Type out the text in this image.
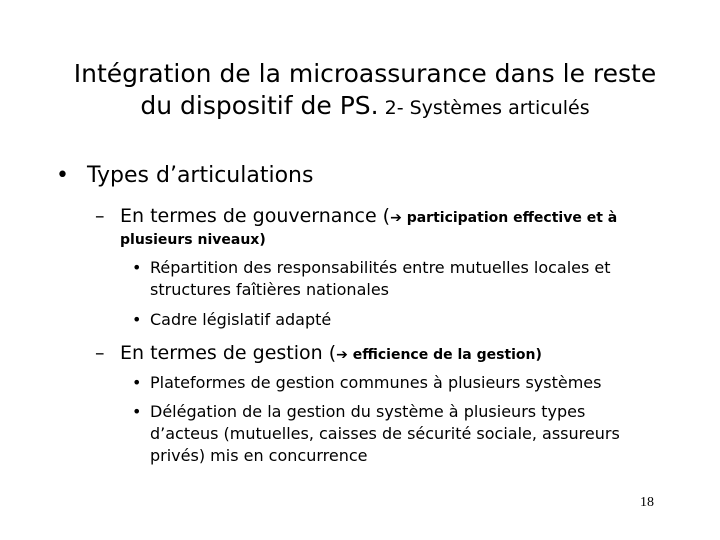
Intégration de la microassurance dans le reste
du dispositif de PS. 2- Systèmes articulés
• Types d’articulations
– En termes de gouvernance (➔ participation effective et à
plusieurs niveaux)
• Répartition des responsabilités entre mutuelles locales et
structures faîtières nationales
• Cadre législatif adapté
– En termes de gestion (➔ efficience de la gestion)
• Plateformes de gestion communes à plusieurs systèmes
• Délégation de la gestion du système à plusieurs types
d’acteus (mutuelles, caisses de sécurité sociale, assureurs
privés) mis en concurrence
18
